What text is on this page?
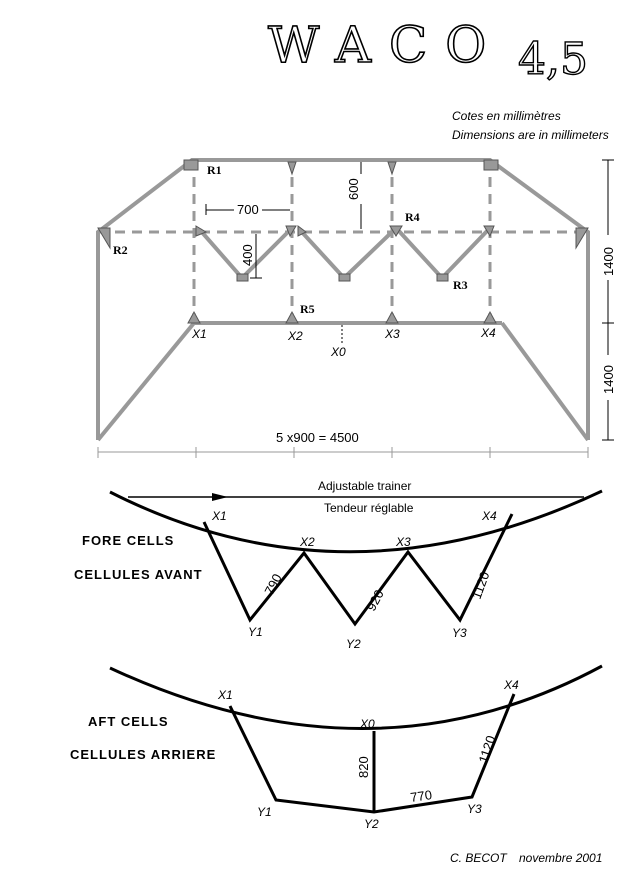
WACO 4,5
Cotes en millimètres
Dimensions are in millimeters
R1
R2
R3
R4
R5
X1	X2	X3	X4
X0
700
600
400	1400
1400
5 x900 = 4500
Adjustable trainer
Tendeur réglable
X1
X2	X3
X4
Y1
Y2
Y3
790
920	1120
FORE CELLS
CELLULES AVANT
X1
X0
X4
Y1
Y2
Y3
820
770
1120
AFT CELLS
CELLULES ARRIERE
C. BECOT novembre 2001
